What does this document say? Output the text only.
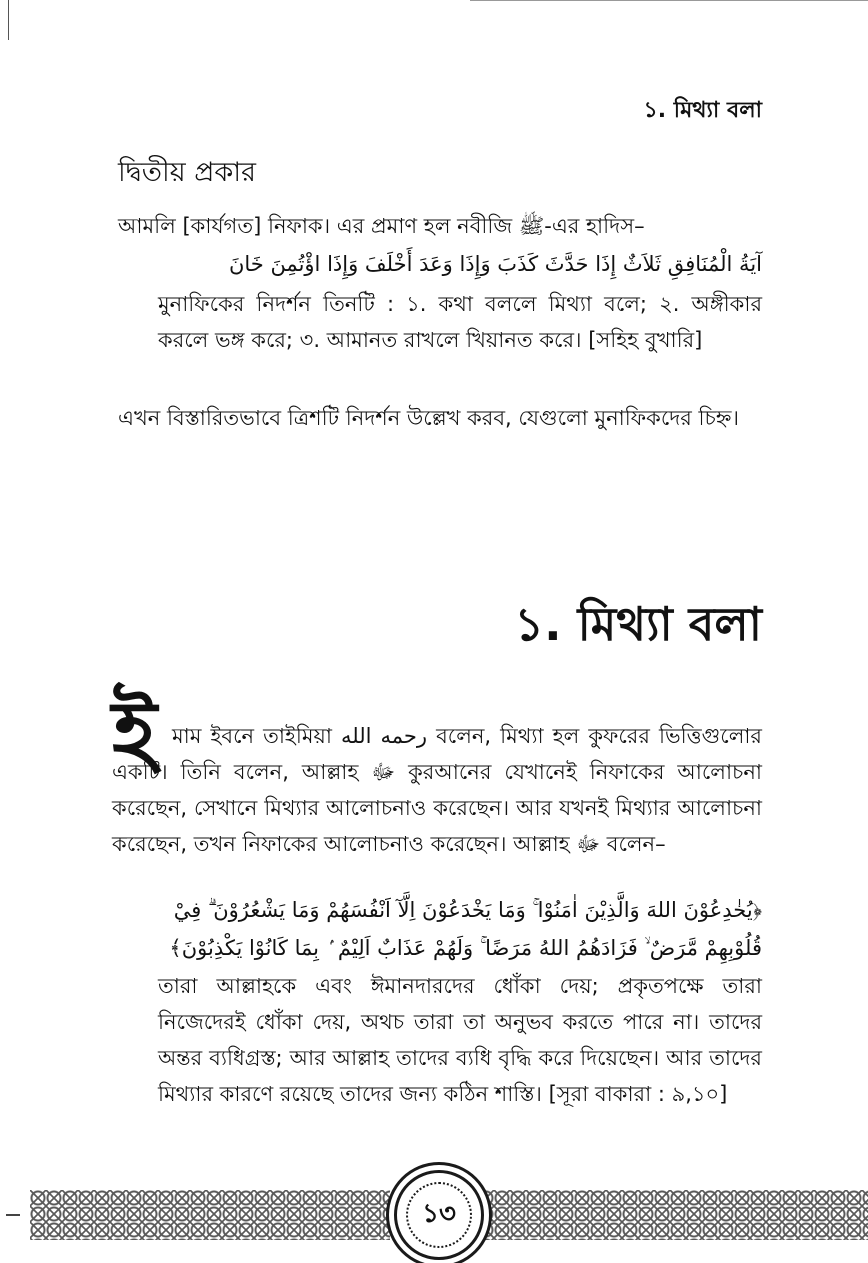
১. মিথ্যা বলা
দ্বিতীয় প্রকার
আমলি [কার্যগত] নিফাক। এর প্রমাণ হল নবীজি ﷺ-এর হাদিস–
آيَةُ الْمُنَافِقِ ثَلاَثٌ إِذَا حَدَّثَ كَذَبَ وَإِذَا وَعَدَ أَخْلَفَ وَإِذَا اؤْتُمِنَ خَانَ
মুনাফিকের নিদর্শন তিনটি : ১. কথা বললে মিথ্যা বলে; ২. অঙ্গীকার করলে ভঙ্গ করে; ৩. আমানত রাখলে খিয়ানত করে। [সহিহ বুখারি]
এখন বিস্তারিতভাবে ত্রিশটি নিদর্শন উল্লেখ করব, যেগুলো মুনাফিকদের চিহ্ন।
১. মিথ্যা বলা
ই মাম ইবনে তাইমিয়া رحمه الله বলেন, মিথ্যা হল কুফরের ভিত্তিগুলোর একটি। তিনি বলেন, আল্লাহ ﷻ কুরআনের যেখানেই নিফাকের আলোচনা করেছেন, সেখানে মিথ্যার আলোচনাও করেছেন। আর যখনই মিথ্যার আলোচনা করেছেন, তখন নিফাকের আলোচনাও করেছেন। আল্লাহ ﷻ বলেন–
﴿يُخٰدِعُوْنَ اللهَ وَالَّذِيْنَ اٰمَنُوْا ۚ وَمَا يَخْدَعُوْنَ اِلَّآ اَنْفُسَهُمْ وَمَا يَشْعُرُوْنَ ۗ فِيْ
قُلُوْبِهِمْ مَّرَضٌ ۙ فَزَادَهُمُ اللهُ مَرَضًا ۚ وَلَهُمْ عَذَابٌ اَلِيْمٌ ۢ بِمَا كَانُوْا يَكْذِبُوْنَ﴾
তারা আল্লাহকে এবং ঈমানদারদের ধোঁকা দেয়; প্রকৃতপক্ষে তারা নিজেদেরই ধোঁকা দেয়, অথচ তারা তা অনুভব করতে পারে না। তাদের অন্তর ব্যধিগ্রস্ত; আর আল্লাহ তাদের ব্যধি বৃদ্ধি করে দিয়েছেন। আর তাদের মিথ্যার কারণে রয়েছে তাদের জন্য কঠিন শাস্তি। [সূরা বাকারা : ৯,১০]
১৩
